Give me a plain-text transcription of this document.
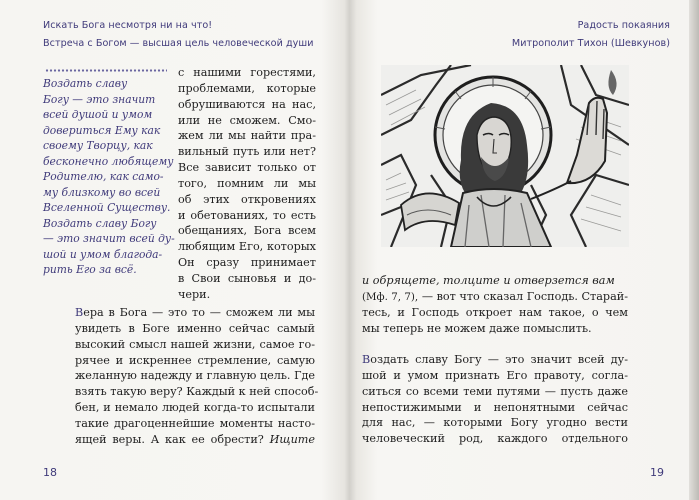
Искать Бога несмотря ни на что!
Встреча с Богом — высшая цель человеческой души
Радость покаяния
Митрополит Тихон (Шевкунов)
Воздать славу
Богу — это значит
всей душой и умом
довериться Ему как
своему Творцу, как
бесконечно любящему
Родителю, как само-
му близкому во всей
Вселенной Существу.
Воздать славу Богу
— это значит всей ду-
шой и умом благода-
рить Его за всё.
с нашими горестями,
проблемами, которые
обрушиваются на нас,
или не сможем. Смо-
жем ли мы найти пра-
вильный путь или нет?
Все зависит только от
того, помним ли мы
об этих откровениях
и обетованиях, то есть
обещаниях, Бога всем
любящим Его, которых
Он сразу принимает
в Свои сыновья и до-
чери.
Вера в Бога — это то — сможем ли мы
увидеть в Боге именно сейчас самый
высокий смысл нашей жизни, самое го-
рячее и искреннее стремление, самую
желанную надежду и главную цель. Где
взять такую веру? Каждый к ней способ-
бен, и немало людей когда-то испытали
такие драгоценнейшие моменты насто-
ящей веры. А как ее обрести? Ищите
18
и обрящете, толците и отверзется вам
(Мф. 7, 7), — вот что сказал Господь. Старай-
тесь, и Господь откроет нам такое, о чем
мы теперь не можем даже помыслить.
Воздать славу Богу — это значит всей ду-
шой и умом признать Его правоту, согла-
ситься со всеми теми путями — пусть даже
непостижимыми и непонятными сейчас
для нас, — которыми Богу угодно вести
человеческий род, каждого отдельного
19
